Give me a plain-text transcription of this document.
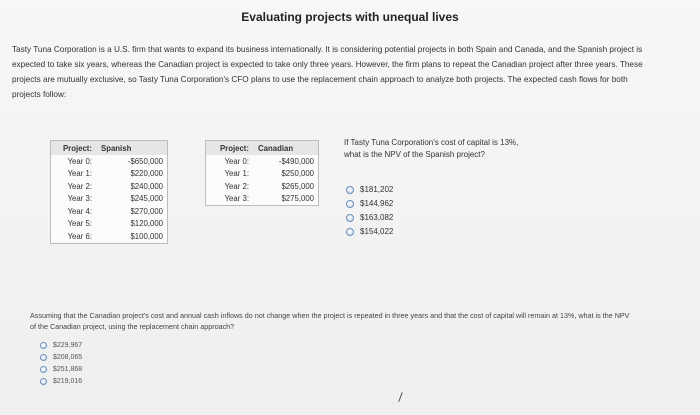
Evaluating projects with unequal lives
Tasty Tuna Corporation is a U.S. firm that wants to expand its business internationally. It is considering potential projects in both Spain and Canada, and the Spanish project is expected to take six years, whereas the Canadian project is expected to take only three years. However, the firm plans to repeat the Canadian project after three years. These projects are mutually exclusive, so Tasty Tuna Corporation's CFO plans to use the replacement chain approach to analyze both projects. The expected cash flows for both projects follow:
Project:	Spanish
Year 0:	-$650,000
Year 1:	$220,000
Year 2:	$240,000
Year 3:	$245,000
Year 4:	$270,000
Year 5:	$120,000
Year 6:	$100,000
Project:	Canadian
Year 0:	-$490,000
Year 1:	$250,000
Year 2:	$265,000
Year 3:	$275,000
If Tasty Tuna Corporation's cost of capital is 13%, what is the NPV of the Spanish project?
$181,202
$144,962
$163,082
$154,022
Assuming that the Canadian project's cost and annual cash inflows do not change when the project is repeated in three years and that the cost of capital will remain at 13%, what is the NPV of the Canadian project, using the replacement chain approach?
$229,967
$208,065
$251,868
$219,016
